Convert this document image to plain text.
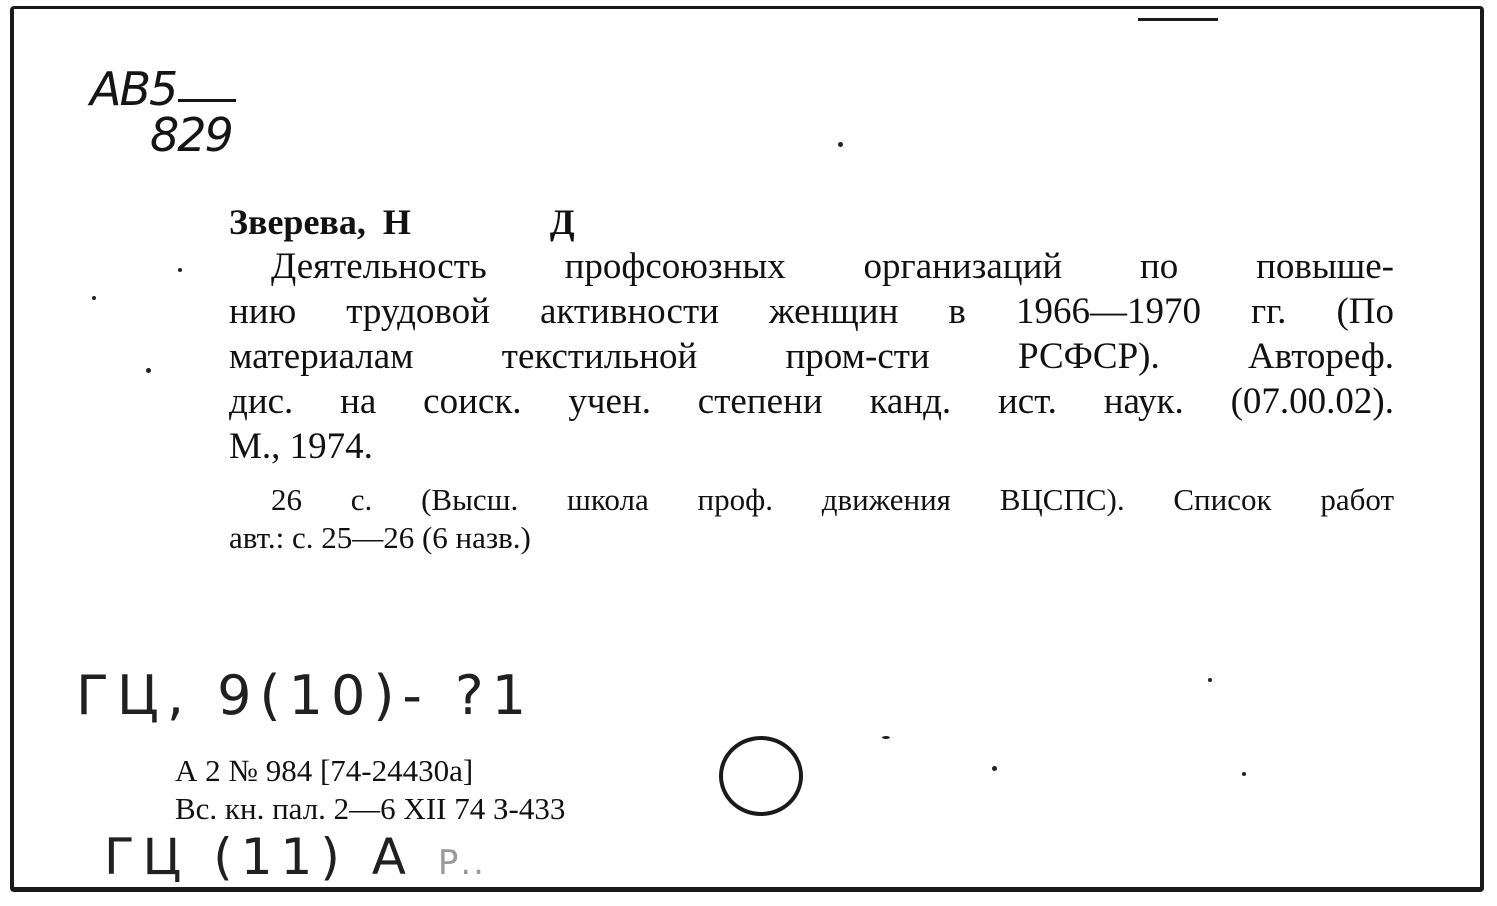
АВ5
829
Зверева, Н	Д
Деятельность профсоюзных организаций по повыше-
нию трудовой активности женщин в 1966—1970 гг. (По
материалам текстильной пром-сти РСФСР). Автореф.
дис. на соиск. учен. степени канд. ист. наук. (07.00.02).
М., 1974.
26 с. (Высш. школа проф. движения ВЦСПС). Список работ
авт.: с. 25—26 (6 назв.)
ГЦ, 9(10)- ?1
А 2 № 984 [74-24430а]
Вс. кн. пал. 2—6 XII 74 З-433
ГЦ (11) А Р..
